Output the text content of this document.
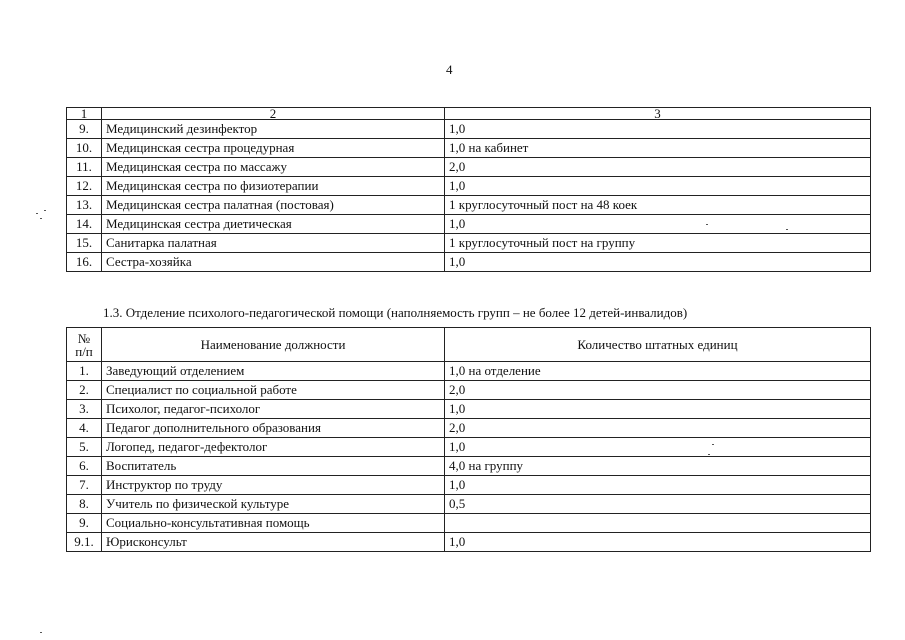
4
1	2	3
9.	Медицинский дезинфектор	1,0
10.	Медицинская сестра процедурная	1,0 на кабинет
11.	Медицинская сестра по массажу	2,0
12.	Медицинская сестра по физиотерапии	1,0
13.	Медицинская сестра палатная (постовая)	1 круглосуточный пост на 48 коек
14.	Медицинская сестра диетическая	1,0
15.	Санитарка палатная	1 круглосуточный пост на группу
16.	Сестра-хозяйка	1,0
1.3. Отделение психолого-педагогической помощи (наполняемость групп – не более 12 детей-инвалидов)
№ п/п	Наименование должности	Количество штатных единиц
1.	Заведующий отделением	1,0 на отделение
2.	Специалист по социальной работе	2,0
3.	Психолог, педагог-психолог	1,0
4.	Педагог дополнительного образования	2,0
5.	Логопед, педагог-дефектолог	1,0
6.	Воспитатель	4,0 на группу
7.	Инструктор по труду	1,0
8.	Учитель по физической культуре	0,5
9.	Социально-консультативная помощь	
9.1.	Юрисконсульт	1,0
